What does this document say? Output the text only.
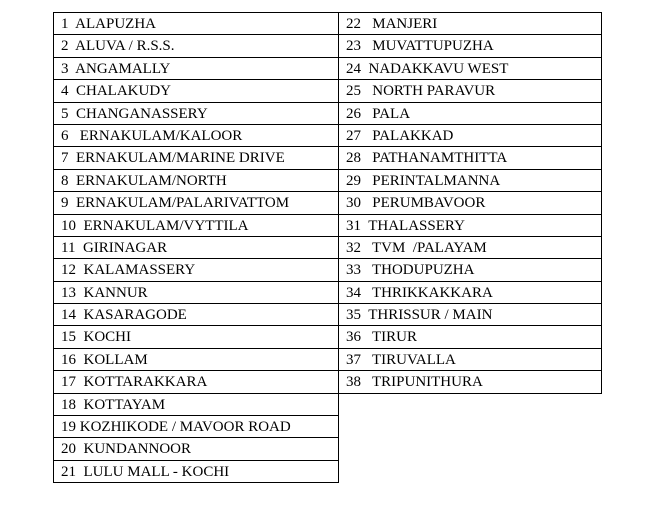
1  ALAPUZHA
2  ALUVA / R.S.S.
3  ANGAMALLY
4  CHALAKUDY
5  CHANGANASSERY
6   ERNAKULAM/KALOOR
7  ERNAKULAM/MARINE DRIVE
8  ERNAKULAM/NORTH
9  ERNAKULAM/PALARIVATTOM
10  ERNAKULAM/VYTTILA
11  GIRINAGAR
12  KALAMASSERY
13  KANNUR
14  KASARAGODE
15  KOCHI
16  KOLLAM
17  KOTTARAKKARA
18  KOTTAYAM
19 KOZHIKODE / MAVOOR ROAD
20  KUNDANNOOR
21  LULU MALL - KOCHI
22   MANJERI
23   MUVATTUPUZHA
24  NADAKKAVU WEST
25   NORTH PARAVUR
26   PALA
27   PALAKKAD
28   PATHANAMTHITTA
29   PERINTALMANNA
30   PERUMBAVOOR
31  THALASSERY
32   TVM  /PALAYAM
33   THODUPUZHA
34   THRIKKAKKARA
35  THRISSUR / MAIN
36   TIRUR
37   TIRUVALLA
38   TRIPUNITHURA
